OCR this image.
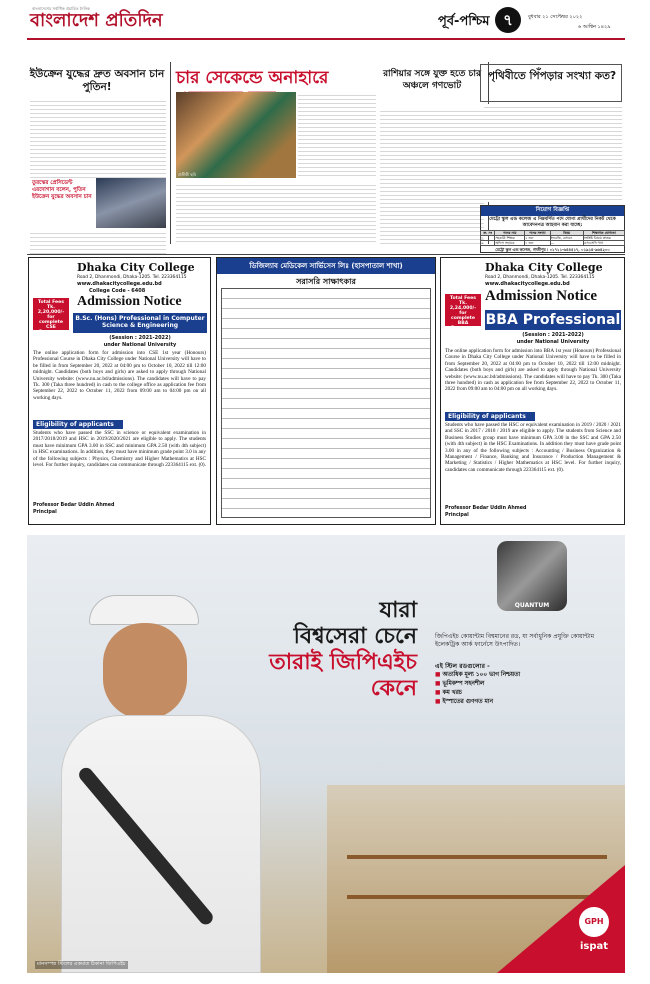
বাংলাদেশের সর্বাধিক প্রচারিত দৈনিক
বাংলাদেশ প্রতিদিন	পূর্ব-পশ্চিম ৭	বুধবার ২১ সেপ্টেম্বর ২০২২
৬ আশ্বিন ১৪২৯
ইউক্রেন যুদ্ধের দ্রুত অবসান চান পুতিন!
তুরস্কের প্রেসিডেন্ট এরদোগান বলেন, পুতিন ইউক্রেন যুদ্ধের অবসান চান
চার সেকেন্ডে অনাহারে
প্রতীকী ছবি
রাশিয়ার সঙ্গে যুক্ত হতে চার অঞ্চলে গণভোট
পৃথিবীতে পিঁপড়ার সংখ্যা কত?
নিয়োগ বিজ্ঞপ্তি
মেট্রো স্কুল এন্ড কলেজ এ নিম্নবর্ণিত পদে যোগ্য প্রার্থীদের নিকট থেকে আবেদনপত্র আহবান করা যাচ্ছে:
ক্র. নং	পদের নাম	পদের সংখ্যা	বিষয়	শিক্ষাগত যোগ্যতা
১	সহকারী শিক্ষক	২ জন	ইংরেজি, রসায়ন	সংশ্লিষ্ট বিষয়ে স্নাতক
২	অফিস সহায়ক	১ জন	—	এসএসসি পাস
মেট্রো স্কুল এন্ড কলেজ, গাজীপুর । ০১৭১১-৬৪৪৫১৭, ০১৯১৪-৯৬৪২০০
Dhaka City College
Road 2, Dhanmondi, Dhaka-1205. Tel. 223364115
www.dhakacitycollege.edu.bd
College Code - 6408
Admission Notice
Total Fees Tk. 2,20,000/- for complete CSE Program, payable in eight installments
B.Sc. (Hons) Professional in Computer Science & Engineering
(Session : 2021-2022)
under National University
The online application form for admission into CSE 1st year (Honours) Professional Course in Dhaka City College under National University will have to be filled in from September 20, 2022 at 04:00 pm to October 10, 2022 till 12:00 midnight. Candidates (both boys and girls) are asked to apply through National University website: (www.nu.ac.bd/admissions). The candidates will have to pay Tk. 300 (Taka three hundred) in cash to the college office as application fee from September 22, 2022 to October 11, 2022 from 09:00 am to 04:00 pm on all working days.
Eligibility of applicants
Students who have passed the SSC in science or equivalent examination in 2017/2018/2019 and HSC in 2019/2020/2021 are eligible to apply. The students must have minimum GPA 3.00 in SSC and minimum GPA 2.50 (with 4th subject) in HSC examinations. In addition, they must have minimum grade point 3.0 in any of the following subjects : Physics, Chemistry and Higher Mathematics at HSC level. For further inquiry, candidates can communicate through 223364115 ext. (0).
Professor Bedar Uddin Ahmed
Principal
ডিজিল্যাব মেডিকেল সার্ভিসেস লিঃ (হাসপাতাল শাখা)
সরাসরি সাক্ষাৎকার
Dhaka City College
Road 2, Dhanmondi, Dhaka-1205. Tel. 223364115
www.dhakacitycollege.edu.bd
Admission Notice
Total Fees Tk. 2,24,000/- for complete BBA Program, payable in eight installments
BBA Professional
(Session : 2021-2022)
under National University
The online application form for admission into BBA 1st year (Honours) Professional Course in Dhaka City College under National University will have to be filled in from September 20, 2022 at 04:00 pm to October 10, 2022 till 12:00 midnight. Candidates (both boys and girls) are asked to apply through National University website: (www.nu.ac.bd/admissions). The candidates will have to pay Tk. 300 (Taka three hundred) in cash as application fee from September 22, 2022 to October 11, 2022 from 09:00 am to 04:00 pm on all working days.
Eligibility of applicants
Students who have passed the HSC or equivalent examination in 2019 / 2020 / 2021 and SSC in 2017 / 2018 / 2019 are eligible to apply. The students from Science and Business Studies group must have minimum GPA 3.00 in the SSC and GPA 2.50 (with 4th subject) in the HSC Examinations. In addition they must have grade point 3.00 in any of the following subjects : Accounting / Business Organization & Management / Finance, Banking and Insurance / Production Management & Marketing / Statistics / Higher Mathematics at HSC level. For further inquiry, candidates can communicate through 223364115 ext. (0).
Professor Bedar Uddin Ahmed
Principal
যারা
বিশ্বসেরা চেনে
তারাই জিপিএইচ
কেনে
QUANTUM
জিপিএইচ কোয়ান্টাম বিশ্বমানের রড, যা সর্বাধুনিক প্রযুক্তি কোয়ান্টাম ইলেকট্রিক আর্ক ফার্নেসে উৎপাদিত।
এই স্টিল রডগুলোর -
■ অত্যধিক মূল্য ১০০ ভাগ নিশ্চয়তা
■ ভূমিকম্প সহনশীল
■ কম খরচ
■ ইস্পাতের গুণগত মান
GPH
ispat
মানসম্পন্ন স্টিলের একমাত্র ঠিকানা জিপিএইচ
